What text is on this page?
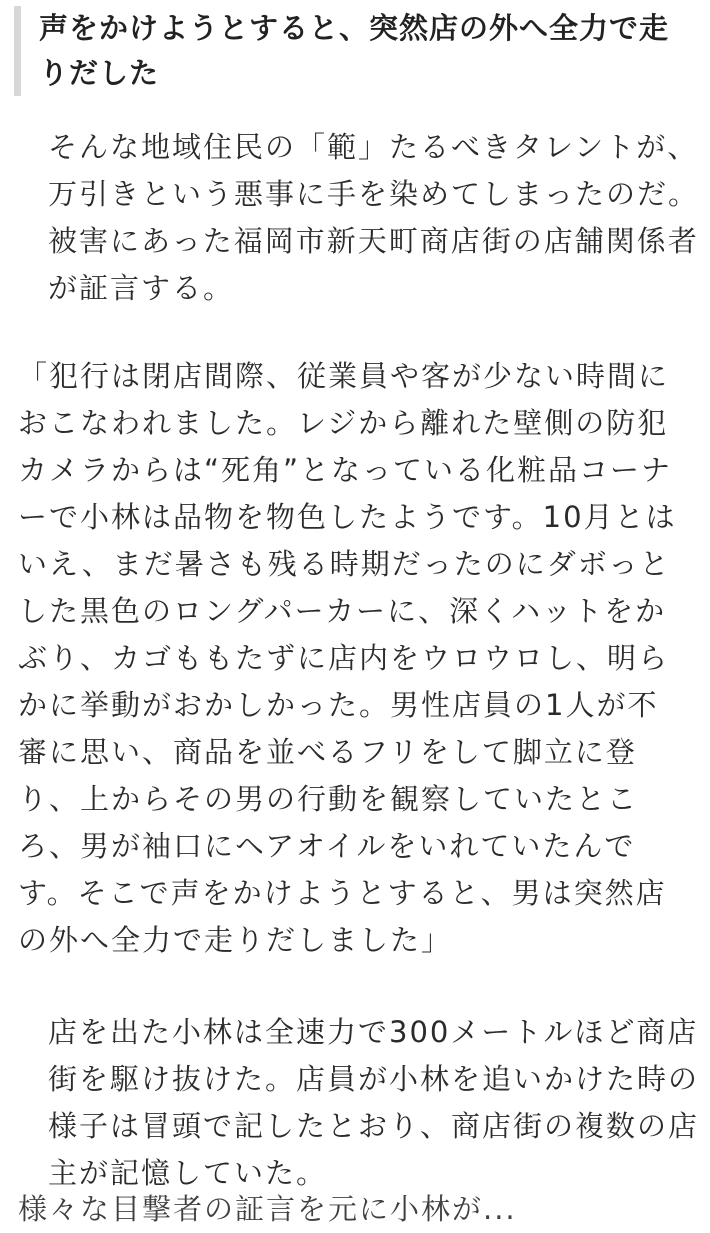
声をかけようとすると、突然店の外へ全力で走りだした

そんな地域住民の「範」たるべきタレントが、万引きという悪事に手を染めてしまったのだ。被害にあった福岡市新天町商店街の店舗関係者が証言する。

「犯行は閉店間際、従業員や客が少ない時間におこなわれました。レジから離れた壁側の防犯カメラからは“死角”となっている化粧品コーナーで小林は品物を物色したようです。10月とはいえ、まだ暑さも残る時期だったのにダボっとした黒色のロングパーカーに、深くハットをかぶり、カゴももたずに店内をウロウロし、明らかに挙動がおかしかった。男性店員の1人が不審に思い、商品を並べるフリをして脚立に登り、上からその男の行動を観察していたところ、男が袖口にヘアオイルをいれていたんです。そこで声をかけようとすると、男は突然店の外へ全力で走りだしました」

店を出た小林は全速力で300メートルほど商店街を駆け抜けた。店員が小林を追いかけた時の様子は冒頭で記したとおり、商店街の複数の店主が記憶していた。

様々な目撃者の証言を元に小林が...
